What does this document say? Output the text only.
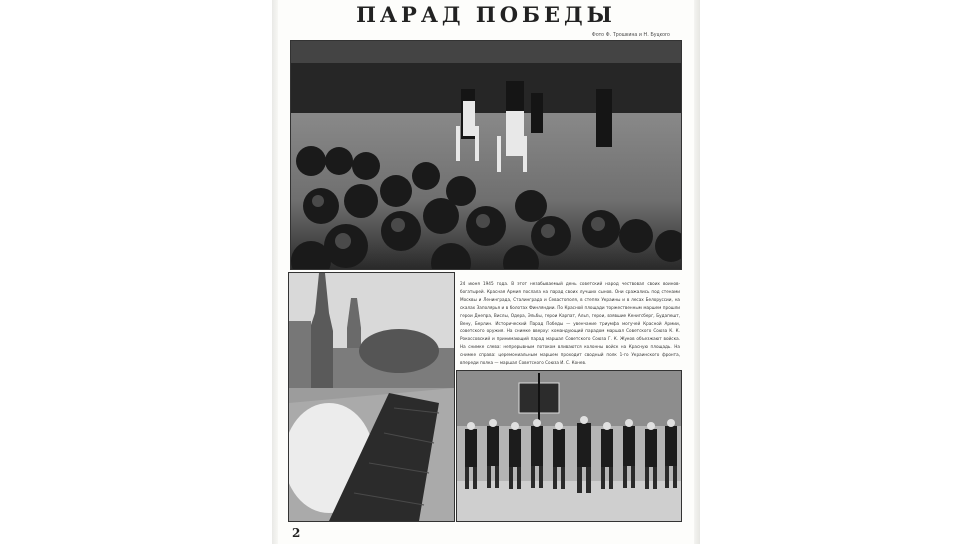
ПАРАД ПОБЕДЫ
Фото Ф. Трошкина и Н. Буцкого

24 июня 1945 года. В этот незабываемый день советский народ чествовал своих воинов-богатырей. Красная Армия послала на парад своих лучших сынов. Они сражались под стенами Москвы и Ленинграда, Сталинграда и Севастополя, в степях Украины и в лесах Белоруссии, на скалах Заполярья и в болотах Финляндии. По Красной площади торжественным маршем прошли герои Днепра, Вислы, Одера, Эльбы, герои Карпат, Альп, герои, взявшие Кенигсберг, Будапешт, Вену, Берлин. Исторический Парад Победы — увенчание триумфа могучей Красной Армии, советского оружия. На снимке вверху: командующий парадом маршал Советского Союза К. К. Рокоссовский и принимающий парад маршал Советского Союза Г. К. Жуков объезжают войска. На снимке слева: непрерывным потоком вливаются колонны войск на Красную площадь. На снимке справа: церемониальным маршем проходит сводный полк 1-го Украинского фронта, впереди полка — маршал Советского Союза И. С. Конев.

2
